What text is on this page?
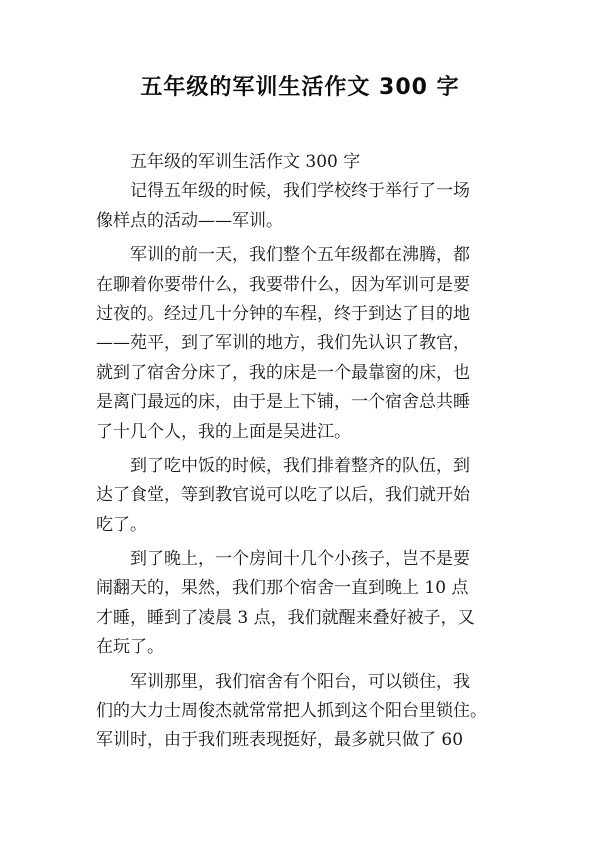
五年级的军训生活作文 300 字
五年级的军训生活作文 300 字
记得五年级的时候，我们学校终于举行了一场
像样点的活动——军训。
军训的前一天，我们整个五年级都在沸腾，都
在聊着你要带什么，我要带什么，因为军训可是要
过夜的。经过几十分钟的车程，终于到达了目的地
——苑平，到了军训的地方，我们先认识了教官，
就到了宿舍分床了，我的床是一个最靠窗的床，也
是离门最远的床，由于是上下铺，一个宿舍总共睡
了十几个人，我的上面是吴进江。
到了吃中饭的时候，我们排着整齐的队伍，到
达了食堂，等到教官说可以吃了以后，我们就开始
吃了。
到了晚上，一个房间十几个小孩子，岂不是要
闹翻天的，果然，我们那个宿舍一直到晚上 10 点
才睡，睡到了凌晨 3 点，我们就醒来叠好被子，又
在玩了。
军训那里，我们宿舍有个阳台，可以锁住，我
们的大力士周俊杰就常常把人抓到这个阳台里锁住。
军训时，由于我们班表现挺好，最多就只做了 60
